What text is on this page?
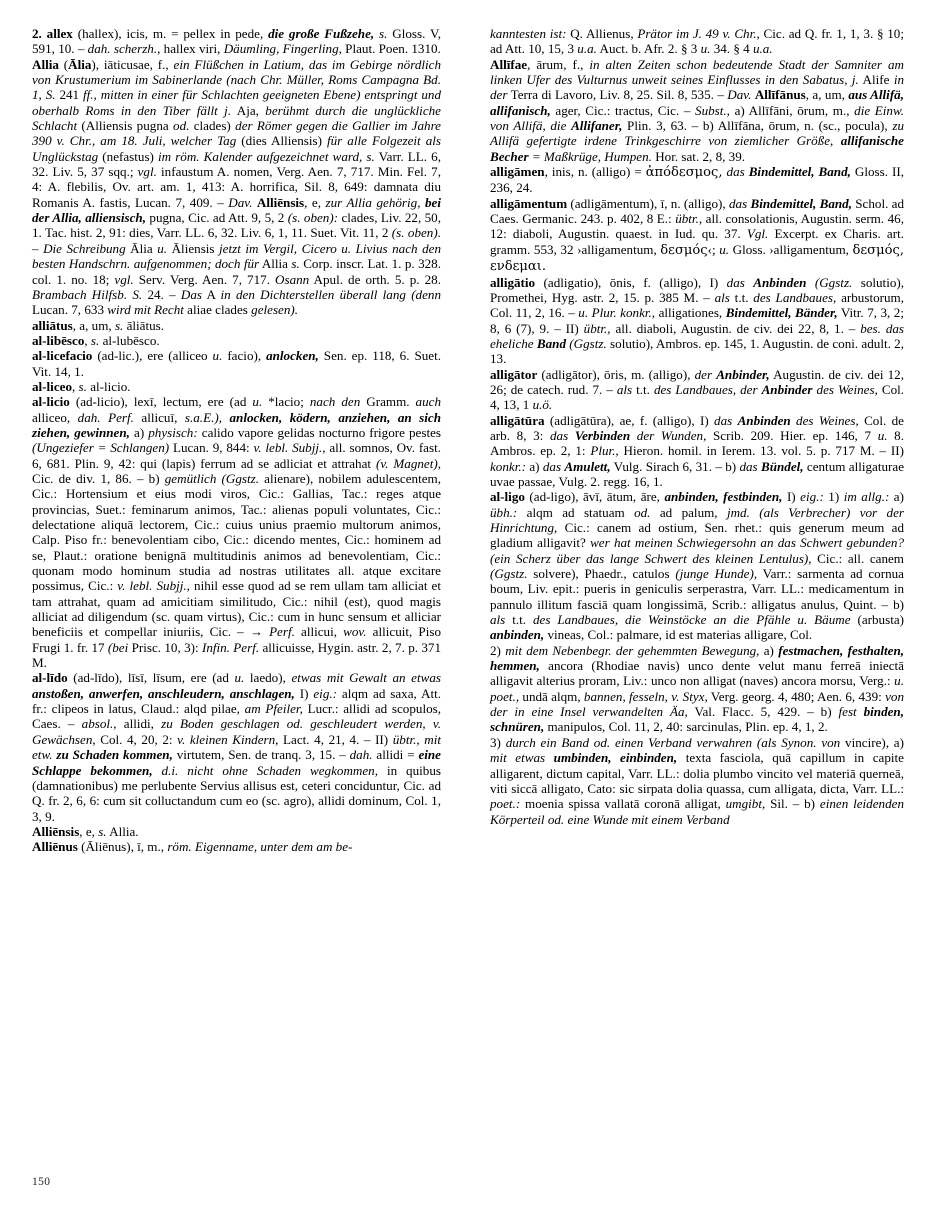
2. allex (hallex), icis, m. = pellex in pede, die große Fußzehe, s. Gloss. V, 591, 10. – dah. scherzh., hallex viri, Däumling, Fingerling, Plaut. Poen. 1310.
Allia (Ālia), iāticusae, f., ein Flüßchen in Latium, das im Gebirge nördlich von Krustumerium im Sabinerlande (nach Chr. Müller, Roms Campagna Bd. 1, S. 241 ff., mitten in einer für Schlachten geeigneten Ebene) entspringt und oberhalb Roms in den Tiber fällt j. Aja, berühmt durch die unglückliche Schlacht (Alliensis pugna od. clades) der Römer gegen die Gallier im Jahre 390 v. Chr., am 18. Juli, welcher Tag (dies Alliensis) für alle Folgezeit als Unglückstag (nefastus) im röm. Kalender aufgezeichnet ward, s. Varr. LL. 6, 32. Liv. 5, 37 sqq.; vgl. infaustum A. nomen, Verg. Aen. 7, 717. Min. Fel. 7, 4: A. flebilis, Ov. art. am. 1, 413: A. horrifica, Sil. 8, 649: damnata diu Romanis A. fastis, Lucan. 7, 409. – Dav. Alliēnsis, e, zur Allia gehörig, bei der Allia, alliensisch, pugna, Cic. ad Att. 9, 5, 2 (s. oben): clades, Liv. 22, 50, 1. Tac. hist. 2, 91: dies, Varr. LL. 6, 32. Liv. 6, 1, 11. Suet. Vit. 11, 2 (s. oben). – Die Schreibung Ālia u. Āliensis jetzt im Vergil, Cicero u. Livius nach den besten Handschrn. aufgenommen; doch für Allia s. Corp. inscr. Lat. 1. p. 328. col. 1. no. 18; vgl. Serv. Verg. Aen. 7, 717. Osann Apul. de orth. 5. p. 28. Brambach Hilfsb. S. 24. – Das A in den Dichterstellen überall lang (denn Lucan. 7, 633 wird mit Recht aliae clades gelesen).
alliātus, a, um, s. āliātus.
al-libēsco, s. al-lubēsco.
al-licefacio (ad-lic.), ere (alliceo u. facio), anlocken, Sen. ep. 118, 6. Suet. Vit. 14, 1.
al-liceo, s. al-licio.
al-licio (ad-licio), lexī, lectum, ere (ad u. *lacio; nach den Gramm. auch alliceo, dah. Perf. allicuī, s.a.E.), anlocken, ködern, anziehen, an sich ziehen, gewinnen, a) physisch: calido vapore gelidas nocturno frigore pestes (Ungeziefer = Schlangen) Lucan. 9, 844: v. lebl. Subjj., all. somnos, Ov. fast. 6, 681. Plin. 9, 42: qui (lapis) ferrum ad se adliciat et attrahat (v. Magnet), Cic. de div. 1, 86. – b) gemütlich (Ggstz. alienare), nobilem adulescentem, Cic.: Hortensium et eius modi viros, Cic.: Gallias, Tac.: reges atque provincias, Suet.: feminarum animos, Tac.: alienas populi voluntates, Cic.: delectatione aliquā lectorem, Cic.: cuius unius praemio multorum animos, Calp. Piso fr.: benevolentiam cibo, Cic.: dicendo mentes, Cic.: hominem ad se, Plaut.: oratione benignā multitudinis animos ad benevolentiam, Cic.: quonam modo hominum studia ad nostras utilitates all. atque excitare possimus, Cic.: v. lebl. Subjj., nihil esse quod ad se rem ullam tam alliciat et tam attrahat, quam ad amicitiam similitudo, Cic.: nihil (est), quod magis alliciat ad diligendum (sc. quam virtus), Cic.: cum in hunc sensum et alliciar beneficiis et compellar iniuriis, Cic. – → Perf. allicui, wov. allicuit, Piso Frugi 1. fr. 17 (bei Prisc. 10, 3): Infin. Perf. allicuisse, Hygin. astr. 2, 7. p. 371 M.
al-līdo (ad-līdo), līsī, līsum, ere (ad u. laedo), etwas mit Gewalt an etwas anstoßen, anwerfen, anschleudern, anschlagen, I) eig.: alqm ad saxa, Att. fr.: clipeos in latus, Claud.: alqd pilae, am Pfeiler, Lucr.: allidi ad scopulos, Caes. – absol., allidi, zu Boden geschlagen od. geschleudert werden, v. Gewächsen, Col. 4, 20, 2: v. kleinen Kindern, Lact. 4, 21, 4. – II) übtr., mit etw. zu Schaden kommen, virtutem, Sen. de tranq. 3, 15. – dah. allidi = eine Schlappe bekommen, d.i. nicht ohne Schaden wegkommen, in quibus (damnationibus) me perlubente Servius allisus est, ceteri conciduntur, Cic. ad Q. fr. 2, 6, 6: cum sit colluctandum cum eo (sc. agro), allidi dominum, Col. 1, 3, 9.
Alliēnsis, e, s. Allia.
Alliēnus (Āliēnus), ī, m., röm. Eigenname, unter dem am be-
kanntesten ist: Q. Allienus, Prätor im J. 49 v. Chr., Cic. ad Q. fr. 1, 1, 3. § 10; ad Att. 10, 15, 3 u.a. Auct. b. Afr. 2. § 3 u. 34. § 4 u.a.
Allīfae, ārum, f., in alten Zeiten schon bedeutende Stadt der Samniter am linken Ufer des Vulturnus unweit seines Einflusses in den Sabatus, j. Alife in der Terra di Lavoro, Liv. 8, 25. Sil. 8, 535. – Dav. Allīfānus, a, um, aus Allifä, allifanisch, ager, Cic.: tractus, Cic. – Subst., a) Allīfāni, ōrum, m., die Einw. von Allifä, die Allifaner, Plin. 3, 63. – b) Allīfāna, ōrum, n. (sc., pocula), zu Allifä gefertigte irdene Trinkgeschirre von ziemlicher Größe, allifanische Becher = Maßkrüge, Humpen. Hor. sat. 2, 8, 39.
alligāmen, inis, n. (alligo) = ἀπόδεσμος, das Bindemittel, Band, Gloss. II, 236, 24.
alligāmentum (adligāmentum), ī, n. (alligo), das Bindemittel, Band, Schol. ad Caes. Germanic. 243. p. 402, 8 E.: übtr., all. consolationis, Augustin. serm. 46, 12: diaboli, Augustin. quaest. in Iud. qu. 37. Vgl. Excerpt. ex Charis. art. gramm. 553, 32 ›alligamentum, δεσμός‹; u. Gloss. ›alligamentum, δεσμός, ενδεμαι.
alligātio (adligatio), ōnis, f. (alligo), I) das Anbinden (Ggstz. solutio), Promethei, Hyg. astr. 2, 15. p. 385 M. – als t.t. des Landbaues, arbustorum, Col. 11, 2, 16. – u. Plur. konkr., alligationes, Bindemittel, Bänder, Vitr. 7, 3, 2; 8, 6 (7), 9. – II) übtr., all. diaboli, Augustin. de civ. dei 22, 8, 1. – bes. das eheliche Band (Ggstz. solutio), Ambros. ep. 145, 1. Augustin. de coni. adult. 2, 13.
alligātor (adligātor), ōris, m. (alligo), der Anbinder, Augustin. de civ. dei 12, 26; de catech. rud. 7. – als t.t. des Landbaues, der Anbinder des Weines, Col. 4, 13, 1 u.ö.
alligātūra (adligātūra), ae, f. (alligo), I) das Anbinden des Weines, Col. de arb. 8, 3: das Verbinden der Wunden, Scrib. 209. Hier. ep. 146, 7 u. 8. Ambros. ep. 2, 1: Plur., Hieron. homil. in Ierem. 13. vol. 5. p. 717 M. – II) konkr.: a) das Amulett, Vulg. Sirach 6, 31. – b) das Bündel, centum alligaturae uvae passae, Vulg. 2. regg. 16, 1.
al-ligo (ad-ligo), āvī, ātum, āre, anbinden, festbinden, I) eig.: 1) im allg.: a) übh.: alqm ad statuam od. ad palum, jmd. (als Verbrecher) vor der Hinrichtung, Cic.: canem ad ostium, Sen. rhet.: quis generum meum ad gladium alligavit? wer hat meinen Schwiegersohn an das Schwert gebunden? (ein Scherz über das lange Schwert des kleinen Lentulus), Cic.: all. canem (Ggstz. solvere), Phaedr., catulos (junge Hunde), Varr.: sarmenta ad cornua boum, Liv. epit.: pueris in geniculis serperastra, Varr. LL.: medicamentum in pannulo illitum fasciā quam longissimā, Scrib.: alligatus anulus, Quint. – b) als t.t. des Landbaues, die Weinstöcke an die Pfähle u. Bäume (arbusta) anbinden, vineas, Col.: palmare, id est materias alligare, Col.
2) mit dem Nebenbegr. der gehemmten Bewegung, a) festmachen, festhalten, hemmen, ancora (Rhodiae navis) unco dente velut manu ferreā iniectā alligavit alterius proram, Liv.: unco non alligat (naves) ancora morsu, Verg.: u. poet., undā alqm, bannen, fesseln, v. Styx, Verg. georg. 4, 480; Aen. 6, 439: von der in eine Insel verwandelten Äa, Val. Flacc. 5, 429. – b) fest binden, schnüren, manipulos, Col. 11, 2, 40: sarcinulas, Plin. ep. 4, 1, 2.
3) durch ein Band od. einen Verband verwahren (als Synon. von vincire), a) mit etwas umbinden, einbinden, texta fasciola, quā capillum in capite alligarent, dictum capital, Varr. LL.: dolia plumbo vincito vel materiā querneā, viti siccā alligato, Cato: sic sirpata dolia quassa, cum alligata, dicta, Varr. LL.: poet.: moenia spissa vallatā coronā alligat, umgibt, Sil. – b) einen leidenden Körperteil od. eine Wunde mit einem Verband
150
